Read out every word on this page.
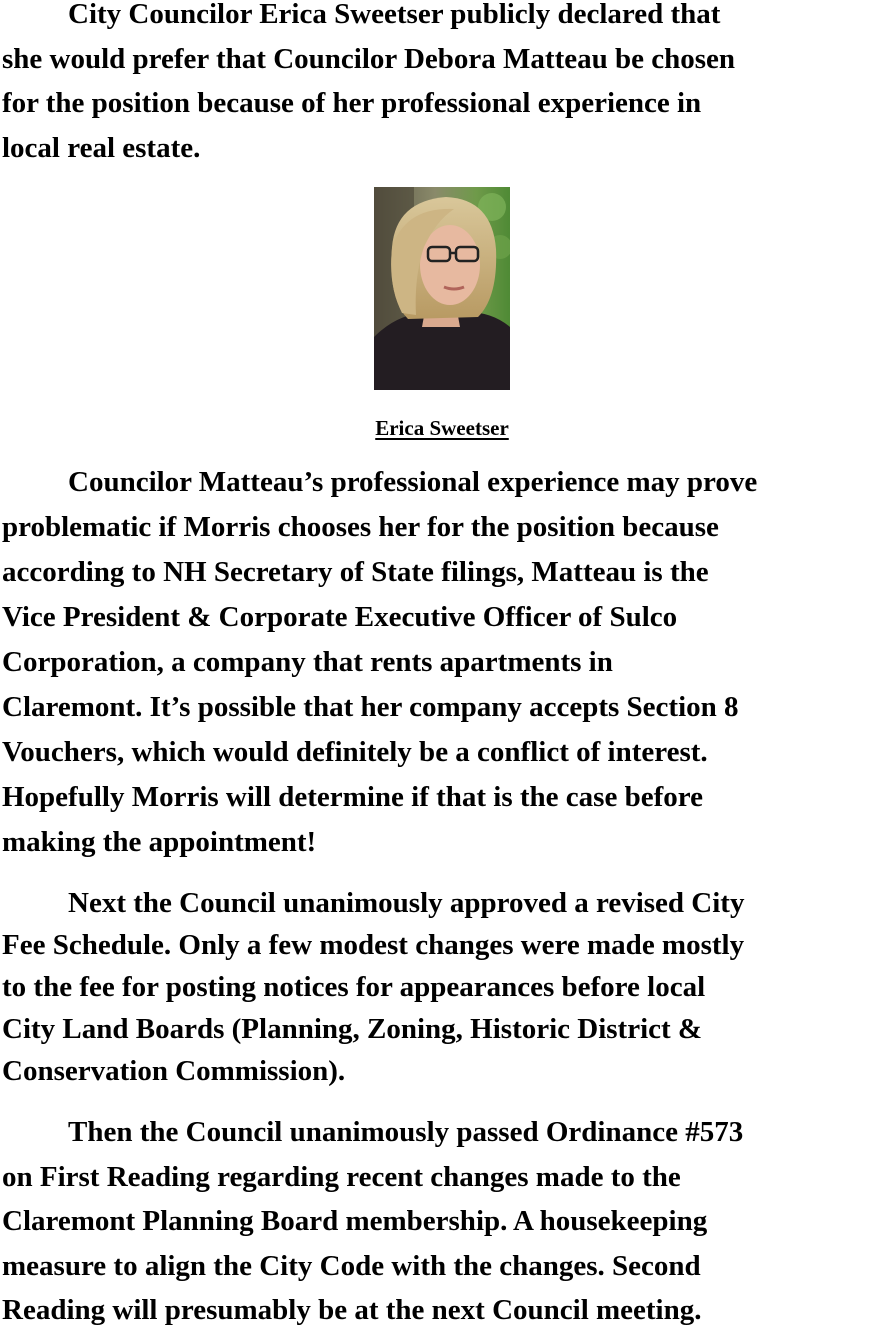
City Councilor Erica Sweetser publicly declared that
she would prefer that Councilor Debora Matteau be chosen
for the position because of her professional experience in
local real estate.
Erica Sweetser
Councilor Matteau’s professional experience may prove
problematic if Morris chooses her for the position because
according to NH Secretary of State filings, Matteau is the
Vice President & Corporate Executive Officer of Sulco
Corporation, a company that rents apartments in
Claremont. It’s possible that her company accepts Section 8
Vouchers, which would definitely be a conflict of interest.
Hopefully Morris will determine if that is the case before
making the appointment!
Next the Council unanimously approved a revised City
Fee Schedule. Only a few modest changes were made mostly
to the fee for posting notices for appearances before local
City Land Boards (Planning, Zoning, Historic District &
Conservation Commission).
Then the Council unanimously passed Ordinance #573
on First Reading regarding recent changes made to the
Claremont Planning Board membership. A housekeeping
measure to align the City Code with the changes. Second
Reading will presumably be at the next Council meeting.
